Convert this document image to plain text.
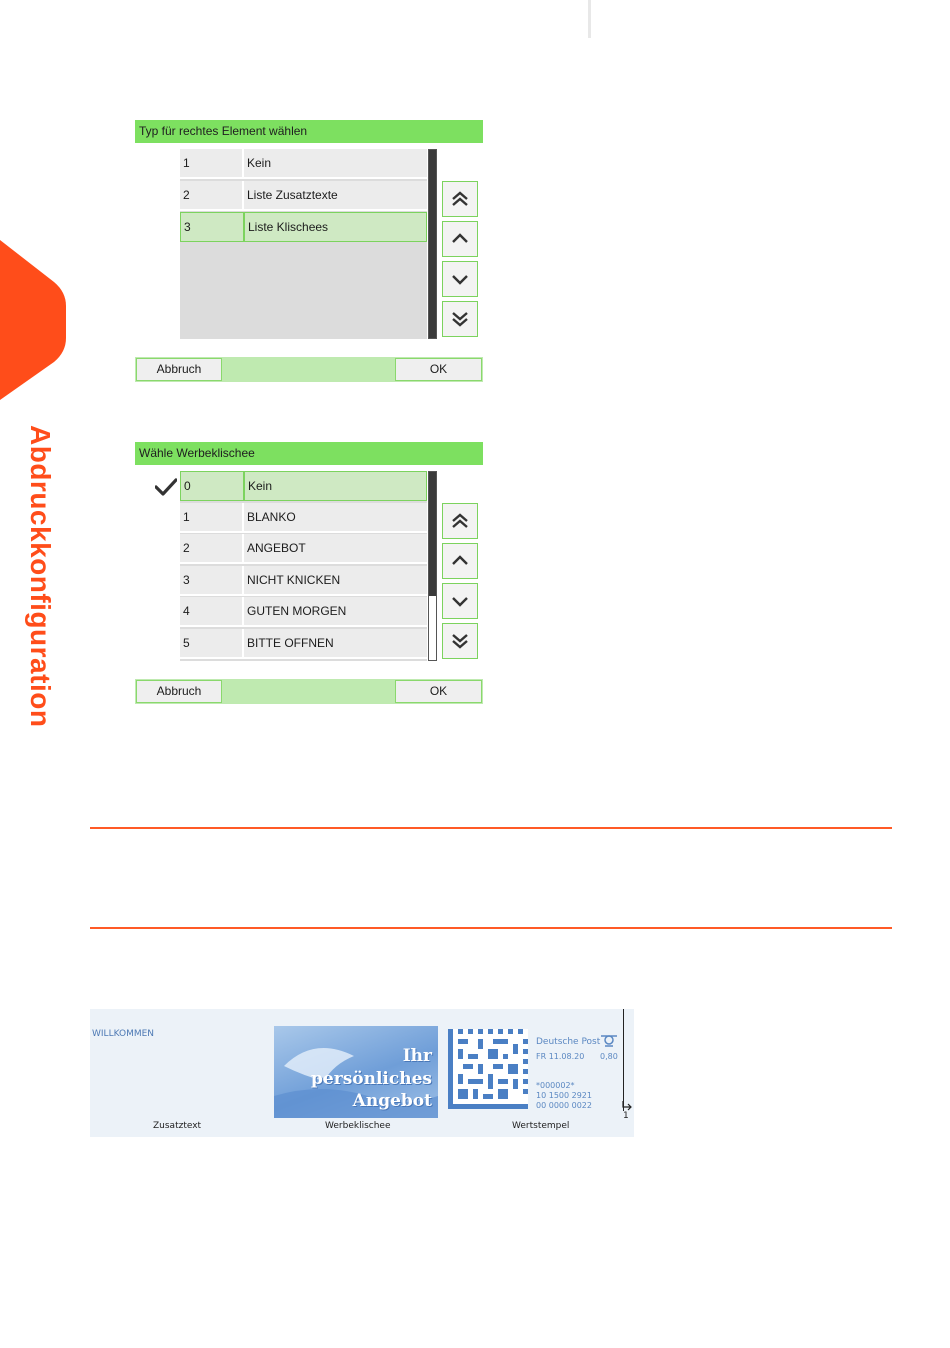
Abdruckkonfiguration
Typ für rechtes Element wählen
1	Kein
2	Liste Zusatztexte
3	Liste Klischees
Abbruch	OK
Wähle Werbeklischee
0	Kein
1	BLANKO
2	ANGEBOT
3	NICHT KNICKEN
4	GUTEN MORGEN
5	BITTE OFFNEN
Abbruch	OK
WILLKOMMEN
Ihr
persönliches
Angebot
Deutsche Post
FR 11.08.20 0,80
*000002*
10 1500 2921
00 0000 0022
1
Zusatztext	Werbeklischee	Wertstempel
